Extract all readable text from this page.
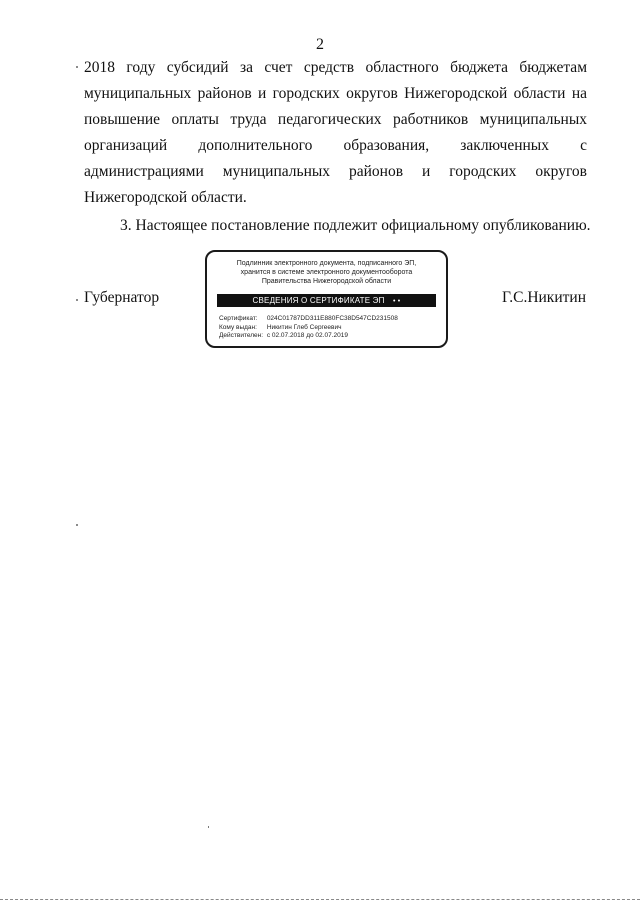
2
2018 году субсидий за счет средств областного бюджета бюджетам
муниципальных районов и городских округов Нижегородской области на
повышение оплаты труда педагогических работников муниципальных
организаций дополнительного образования, заключенных с
администрациями муниципальных районов и городских округов
Нижегородской области.
3. Настоящее постановление подлежит официальному опубликованию.
Губернатор	Г.С.Никитин
Подлинник электронного документа, подписанного ЭП,
хранится в системе электронного документооборота
Правительства Нижегородской области
СВЕДЕНИЯ О СЕРТИФИКАТЕ ЭП • •
Сертификат: 024C01787DD311E880FC38D547CD231508
Кому выдан: Никитин Глеб Сергеевич
Действителен: с 02.07.2018 до 02.07.2019
